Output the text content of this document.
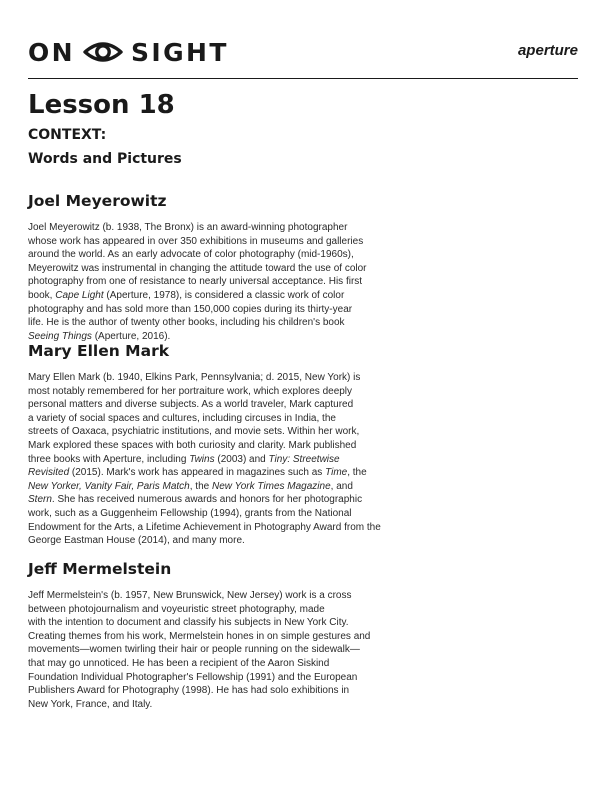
ON SIGHT	aperture
Lesson 18
CONTEXT:
Words and Pictures
Joel Meyerowitz

Joel Meyerowitz (b. 1938, The Bronx) is an award-winning photographer
whose work has appeared in over 350 exhibitions in museums and galleries
around the world. As an early advocate of color photography (mid-1960s),
Meyerowitz was instrumental in changing the attitude toward the use of color
photography from one of resistance to nearly universal acceptance. His first
book, Cape Light (Aperture, 1978), is considered a classic work of color
photography and has sold more than 150,000 copies during its thirty-year
life. He is the author of twenty other books, including his children's book
Seeing Things (Aperture, 2016).

Mary Ellen Mark

Mary Ellen Mark (b. 1940, Elkins Park, Pennsylvania; d. 2015, New York) is
most notably remembered for her portraiture work, which explores deeply
personal matters and diverse subjects. As a world traveler, Mark captured
a variety of social spaces and cultures, including circuses in India, the
streets of Oaxaca, psychiatric institutions, and movie sets. Within her work,
Mark explored these spaces with both curiosity and clarity. Mark published
three books with Aperture, including Twins (2003) and Tiny: Streetwise
Revisited (2015). Mark's work has appeared in magazines such as Time, the
New Yorker, Vanity Fair, Paris Match, the New York Times Magazine, and
Stern. She has received numerous awards and honors for her photographic
work, such as a Guggenheim Fellowship (1994), grants from the National
Endowment for the Arts, a Lifetime Achievement in Photography Award from the
George Eastman House (2014), and many more.

Jeff Mermelstein

Jeff Mermelstein's (b. 1957, New Brunswick, New Jersey) work is a cross
between photojournalism and voyeuristic street photography, made
with the intention to document and classify his subjects in New York City.
Creating themes from his work, Mermelstein hones in on simple gestures and
movements—women twirling their hair or people running on the sidewalk—
that may go unnoticed. He has been a recipient of the Aaron Siskind
Foundation Individual Photographer's Fellowship (1991) and the European
Publishers Award for Photography (1998). He has had solo exhibitions in
New York, France, and Italy.
